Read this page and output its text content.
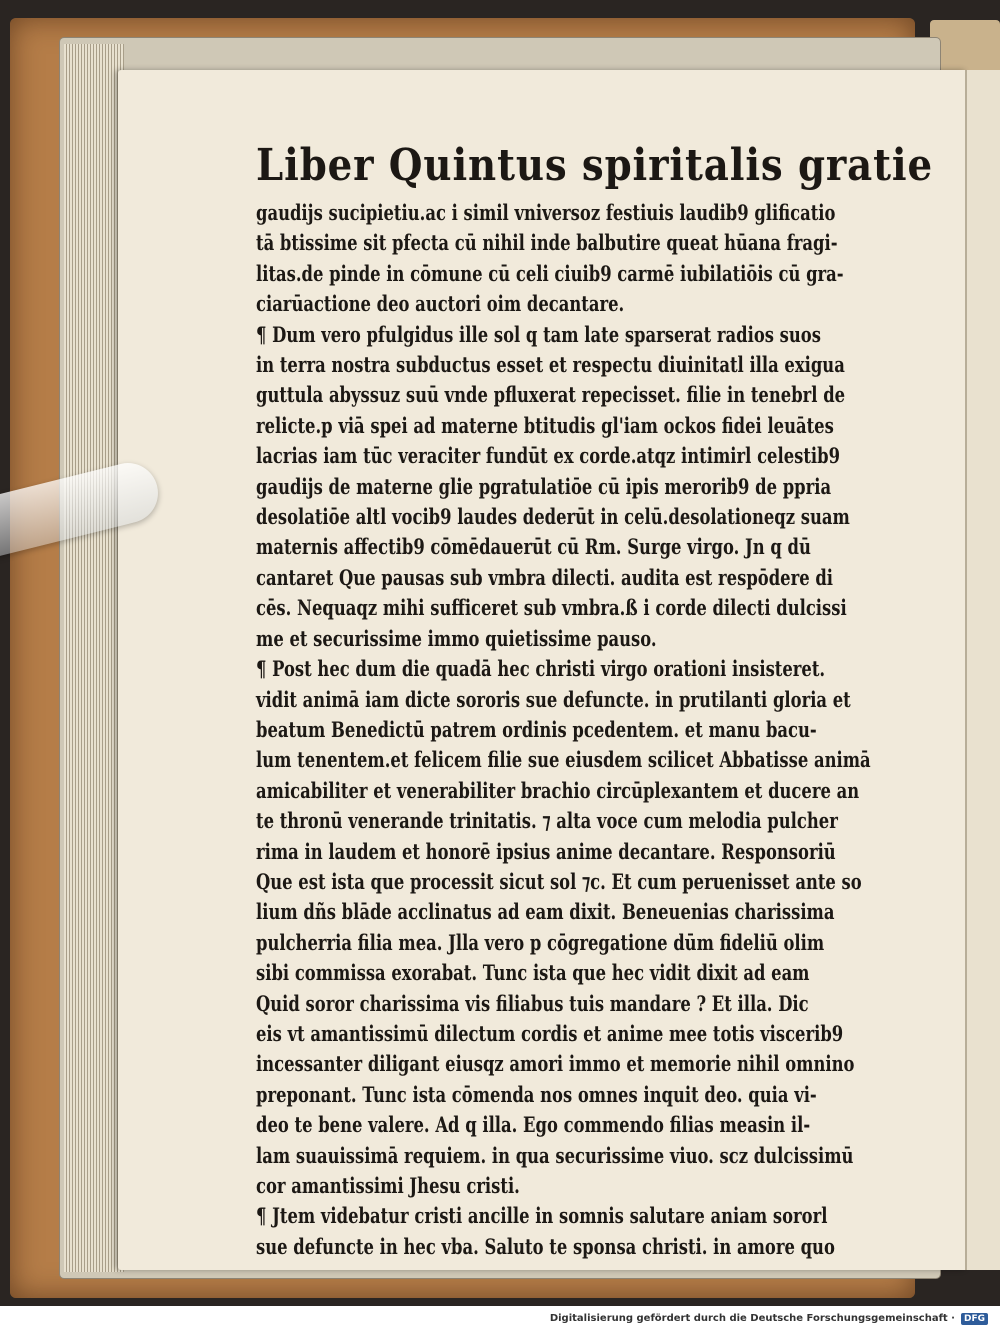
Liber Quintus spiritalis gratie
gaudijs sucipietiu.ac i simil vniversoz festiuis laudib9 glificatio
tā btissime sit pfecta cū nihil inde balbutire queat hūana fragi-
litas.de pinde in cōmune cū celi ciuib9 carmē iubilatiōis cū gra-
ciarūactione deo auctori oim decantare.
¶ Dum vero pfulgidus ille sol q tam late sparserat radios suos
in terra nostra subductus esset et respectu diuinitatl illa exigua
guttula abyssuz suū vnde pfluxerat repecisset. filie in tenebrl de
relicte.p viā spei ad materne btitudis gl'iam ockos fidei leuātes
lacrias iam tūc veraciter fundūt ex corde.atqz intimirl celestib9
gaudijs de materne glie pgratulatiōe cū ipis merorib9 de ppria
desolatiōe altl vocib9 laudes dederūt in celū.desolationeqz suam
maternis affectib9 cōmēdauerūt cū Rm. Surge virgo. Jn q dū
cantaret Que pausas sub vmbra dilecti. audita est respōdere di
cēs. Nequaqz mihi sufficeret sub vmbra.ß i corde dilecti dulcissi
me et securissime immo quietissime pauso.
¶ Post hec dum die quadā hec christi virgo orationi insisteret.
vidit animā iam dicte sororis sue defuncte. in prutilanti gloria et
beatum Benedictū patrem ordinis pcedentem. et manu bacu-
lum tenentem.et felicem filie sue eiusdem scilicet Abbatisse animā
amicabiliter et venerabiliter brachio circūplexantem et ducere an
te thronū venerande trinitatis. ⁊ alta voce cum melodia pulcher
rima in laudem et honorē ipsius anime decantare. Responsoriū
Que est ista que processit sicut sol ⁊c. Et cum peruenisset ante so
lium dñs blāde acclinatus ad eam dixit. Beneuenias charissima
pulcherria filia mea. Jlla vero p cōgregatione dūm fideliū olim
sibi commissa exorabat. Tunc ista que hec vidit dixit ad eam
Quid soror charissima vis filiabus tuis mandare ? Et illa. Dic
eis vt amantissimū dilectum cordis et anime mee totis viscerib9
incessanter diligant eiusqz amori immo et memorie nihil omnino
preponant. Tunc ista cōmenda nos omnes inquit deo. quia vi-
deo te bene valere. Ad q illa. Ego commendo filias measin il-
lam suauissimā requiem. in qua securissime viuo. scz dulcissimū
cor amantissimi Jhesu cristi.
¶ Jtem videbatur cristi ancille in somnis salutare aniam sororl
sue defuncte in hec vba. Saluto te sponsa christi. in amore quo
Digitalisierung gefördert durch die Deutsche Forschungsgemeinschaft ·	DFG
